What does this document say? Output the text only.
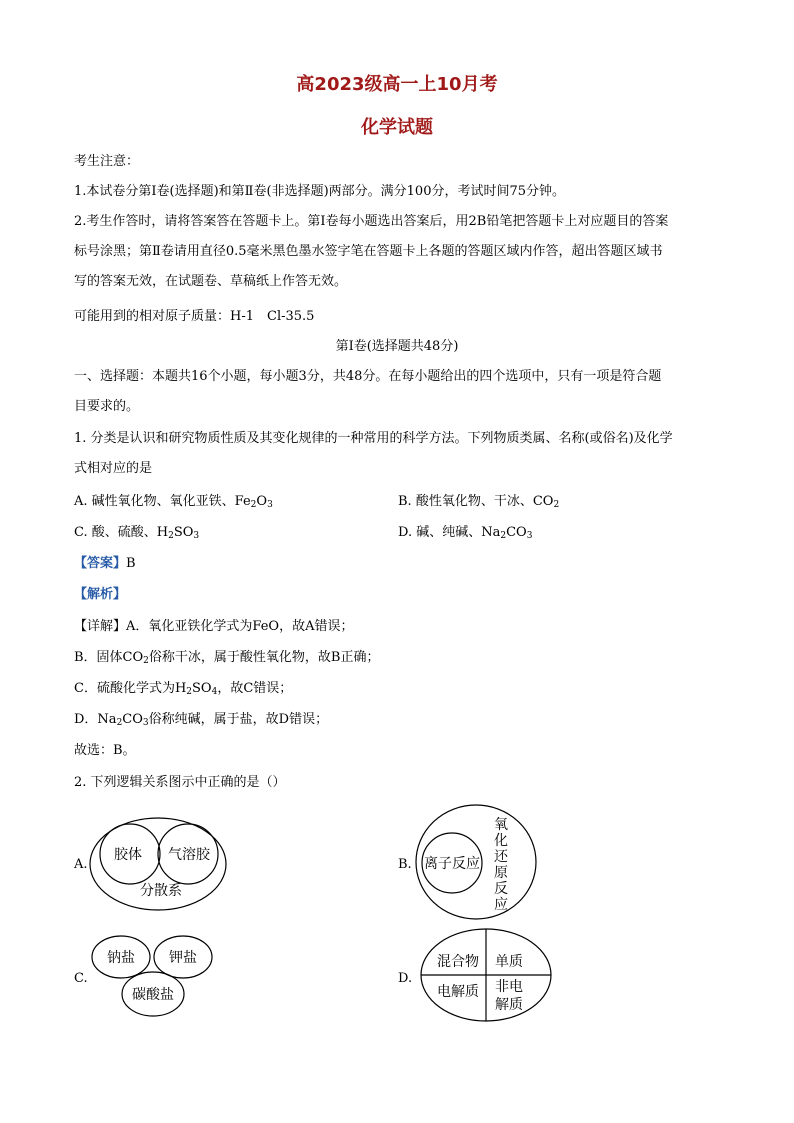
高2023级高一上10月考
化学试题
考生注意：
1.本试卷分第Ⅰ卷(选择题)和第Ⅱ卷(非选择题)两部分。满分100分，考试时间75分钟。
2.考生作答时，请将答案答在答题卡上。第Ⅰ卷每小题选出答案后，用2B铅笔把答题卡上对应题目的答案
标号涂黑；第Ⅱ卷请用直径0.5毫米黑色墨水签字笔在答题卡上各题的答题区域内作答，超出答题区域书
写的答案无效，在试题卷、草稿纸上作答无效。
可能用到的相对原子质量：H-1　Cl-35.5
第Ⅰ卷(选择题共48分)
一、选择题：本题共16个小题，每小题3分，共48分。在每小题给出的四个选项中，只有一项是符合题
目要求的。
1. 分类是认识和研究物质性质及其变化规律的一种常用的科学方法。下列物质类属、名称(或俗名)及化学
式相对应的是
A. 碱性氧化物、氧化亚铁、Fe2O3	B. 酸性氧化物、干冰、CO2
C. 酸、硫酸、H2SO3	D. 碱、纯碱、Na2CO3
【答案】B
【解析】
【详解】A．氧化亚铁化学式为FeO，故A错误；
B．固体CO2俗称干冰，属于酸性氧化物，故B正确；
C．硫酸化学式为H2SO4，故C错误；
D．Na2CO3俗称纯碱，属于盐，故D错误；
故选：B。
2. 下列逻辑关系图示中正确的是（）
A.	B.
C.	D.
胶体 气溶胶
分散系
离子反应
氧
化
还
原
反
应
钠盐 钾盐
碳酸盐
混合物 单质
电解质 非电
解质
